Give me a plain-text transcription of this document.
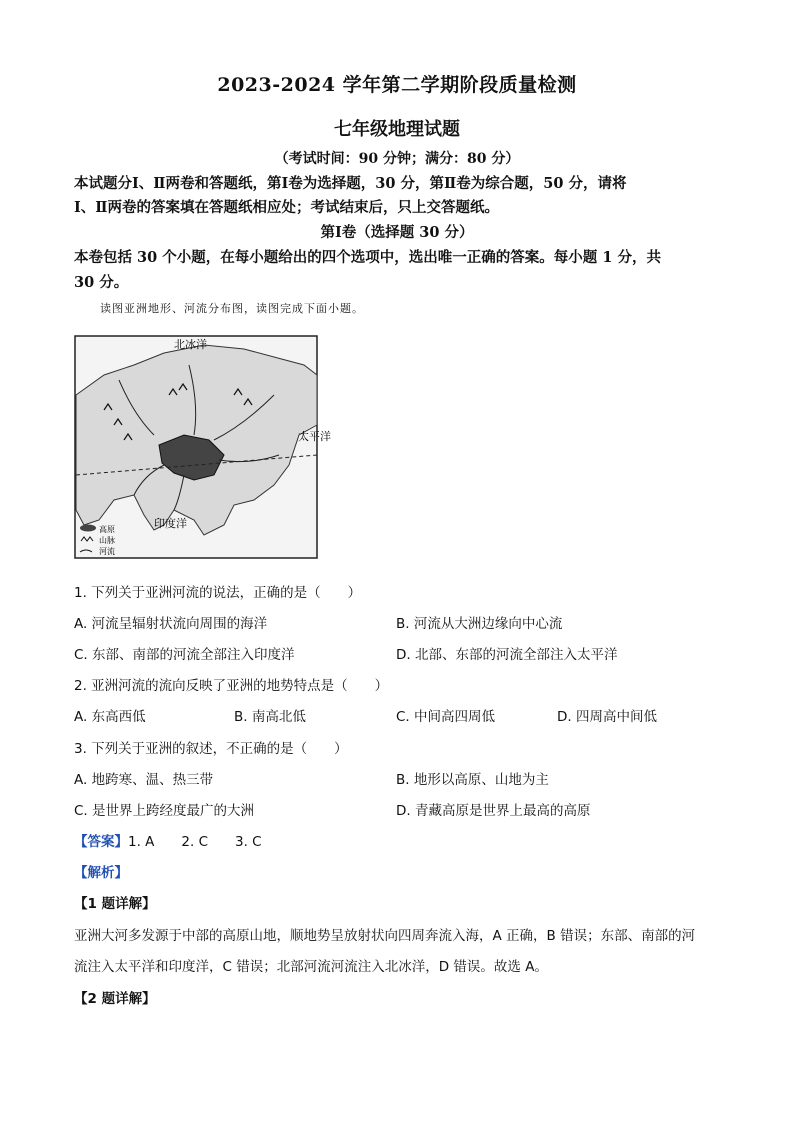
2023-2024 学年第二学期阶段质量检测
七年级地理试题
（考试时间：90 分钟；满分：80 分）
本试题分Ⅰ、Ⅱ两卷和答题纸，第Ⅰ卷为选择题，30 分，第Ⅱ卷为综合题，50 分，请将
Ⅰ、Ⅱ两卷的答案填在答题纸相应处；考试结束后，只上交答题纸。
第Ⅰ卷（选择题 30 分）
本卷包括 30 个小题，在每小题给出的四个选项中，选出唯一正确的答案。每小题 1 分，共
30 分。
读图亚洲地形、河流分布图，读图完成下面小题。
北冰洋
太平洋
印度洋
高原
山脉
河流
1. 下列关于亚洲河流的说法，正确的是（　　）
A. 河流呈辐射状流向周围的海洋	B. 河流从大洲边缘向中心流
C. 东部、南部的河流全部注入印度洋	D. 北部、东部的河流全部注入太平洋
2. 亚洲河流的流向反映了亚洲的地势特点是（　　）
A. 东高西低	B. 南高北低	C. 中间高四周低	D. 四周高中间低
3. 下列关于亚洲的叙述，不正确的是（　　）
A. 地跨寒、温、热三带	B. 地形以高原、山地为主
C. 是世界上跨经度最广的大洲	D. 青藏高原是世界上最高的高原
【答案】1. A　　2. C　　3. C
【解析】
【1 题详解】
亚洲大河多发源于中部的高原山地，顺地势呈放射状向四周奔流入海，A 正确，B 错误；东部、南部的河
流注入太平洋和印度洋，C 错误；北部河流河流注入北冰洋，D 错误。故选 A。
【2 题详解】
